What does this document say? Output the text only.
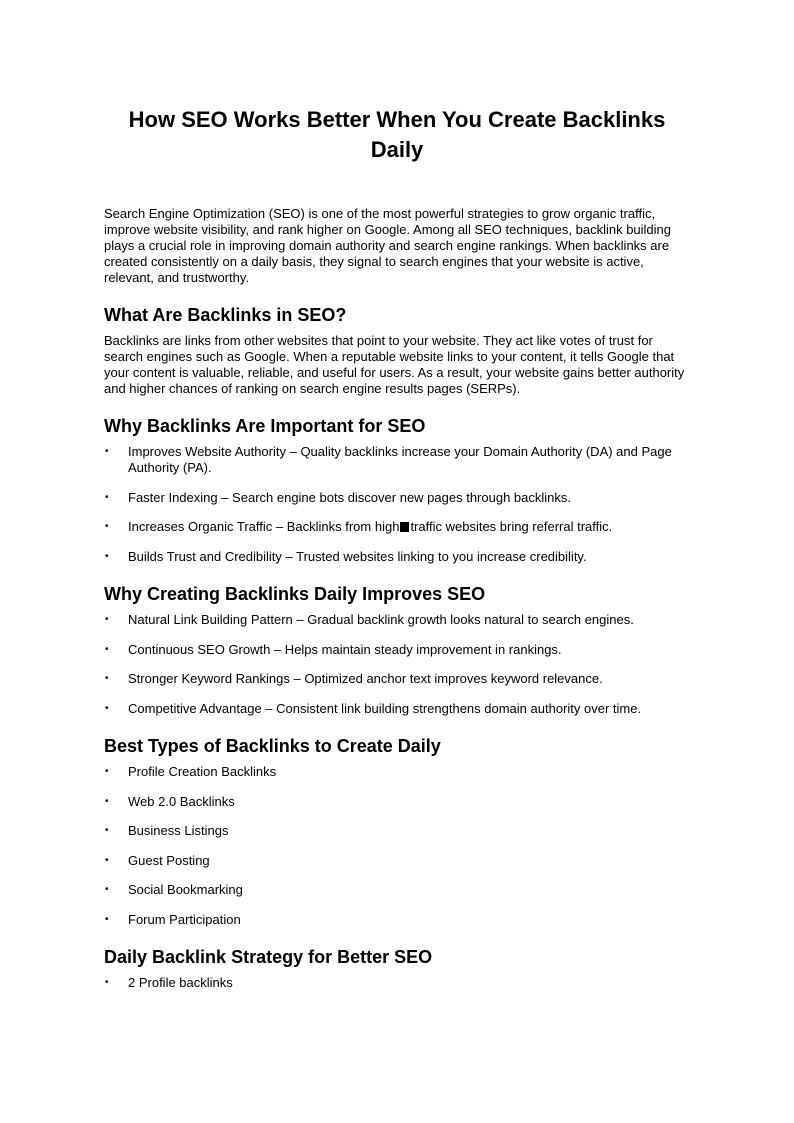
How SEO Works Better When You Create Backlinks Daily

Search Engine Optimization (SEO) is one of the most powerful strategies to grow organic traffic, improve website visibility, and rank higher on Google. Among all SEO techniques, backlink building plays a crucial role in improving domain authority and search engine rankings. When backlinks are created consistently on a daily basis, they signal to search engines that your website is active, relevant, and trustworthy.

What Are Backlinks in SEO?

Backlinks are links from other websites that point to your website. They act like votes of trust for search engines such as Google. When a reputable website links to your content, it tells Google that your content is valuable, reliable, and useful for users. As a result, your website gains better authority and higher chances of ranking on search engine results pages (SERPs).

Why Backlinks Are Important for SEO
• Improves Website Authority – Quality backlinks increase your Domain Authority (DA) and Page Authority (PA).
• Faster Indexing – Search engine bots discover new pages through backlinks.
• Increases Organic Traffic – Backlinks from high traffic websites bring referral traffic.
• Builds Trust and Credibility – Trusted websites linking to you increase credibility.
Why Creating Backlinks Daily Improves SEO
• Natural Link Building Pattern – Gradual backlink growth looks natural to search engines.
• Continuous SEO Growth – Helps maintain steady improvement in rankings.
• Stronger Keyword Rankings – Optimized anchor text improves keyword relevance.
• Competitive Advantage – Consistent link building strengthens domain authority over time.
Best Types of Backlinks to Create Daily
• Profile Creation Backlinks
• Web 2.0 Backlinks
• Business Listings
• Guest Posting
• Social Bookmarking
• Forum Participation
Daily Backlink Strategy for Better SEO
• 2 Profile backlinks
